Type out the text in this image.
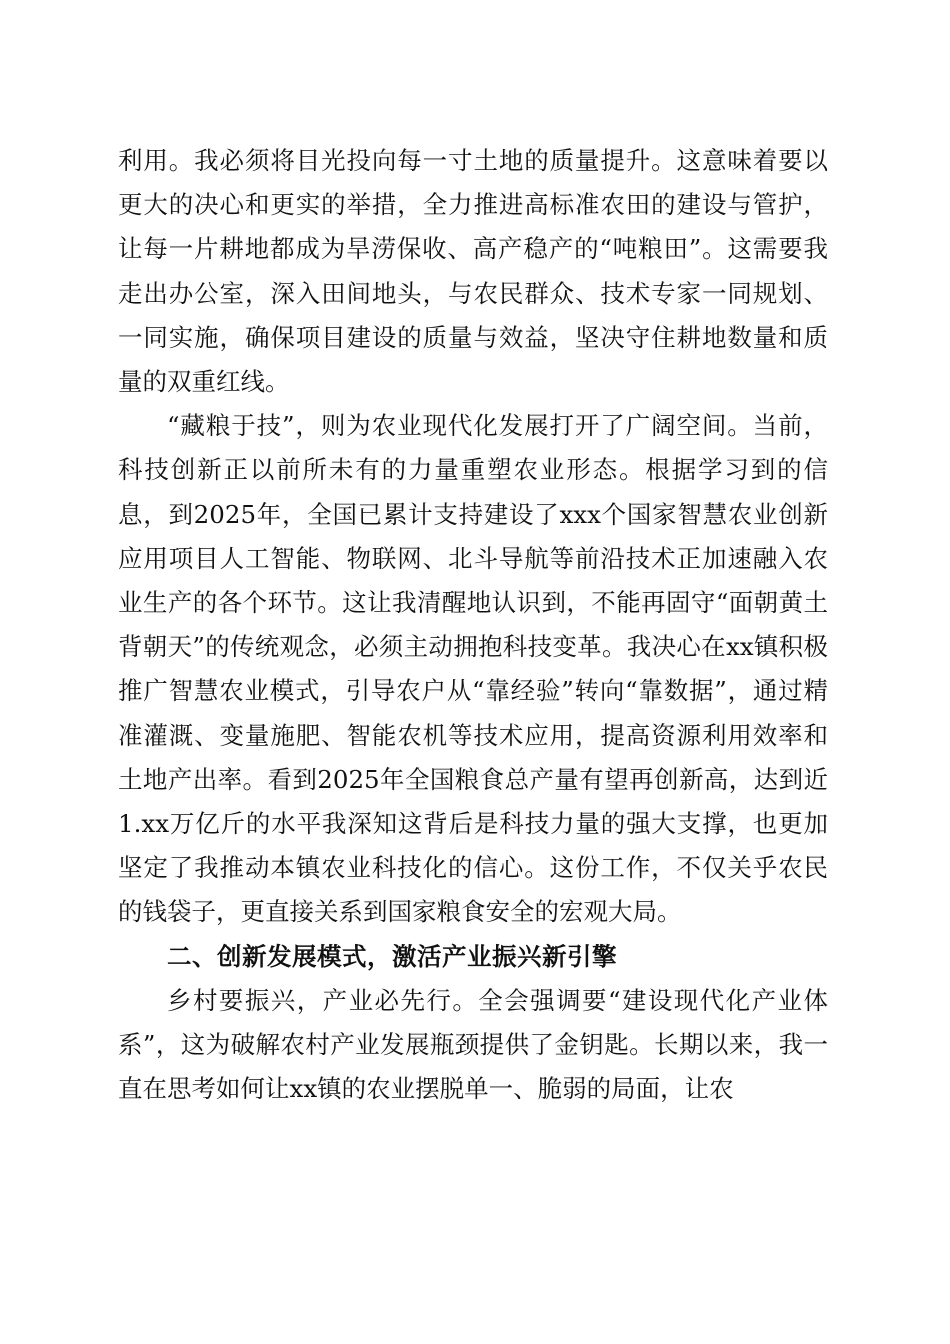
利用。我必须将目光投向每一寸土地的质量提升。这意味着要以更大的决心和更实的举措，全力推进高标准农田的建设与管护，让每一片耕地都成为旱涝保收、高产稳产的“吨粮田”。这需要我走出办公室，深入田间地头，与农民群众、技术专家一同规划、一同实施，确保项目建设的质量与效益，坚决守住耕地数量和质量的双重红线。

“藏粮于技”，则为农业现代化发展打开了广阔空间。当前，科技创新正以前所未有的力量重塑农业形态。根据学习到的信息，到2025年，全国已累计支持建设了xxx个国家智慧农业创新应用项目人工智能、物联网、北斗导航等前沿技术正加速融入农业生产的各个环节。这让我清醒地认识到，不能再固守“面朝黄土背朝天”的传统观念，必须主动拥抱科技变革。我决心在xx镇积极推广智慧农业模式，引导农户从“靠经验”转向“靠数据”，通过精准灌溉、变量施肥、智能农机等技术应用，提高资源利用效率和土地产出率。看到2025年全国粮食总产量有望再创新高，达到近1.xx万亿斤的水平我深知这背后是科技力量的强大支撑，也更加坚定了我推动本镇农业科技化的信心。这份工作，不仅关乎农民的钱袋子，更直接关系到国家粮食安全的宏观大局。

二、创新发展模式，激活产业振兴新引擎

乡村要振兴，产业必先行。全会强调要“建设现代化产业体系”，这为破解农村产业发展瓶颈提供了金钥匙。长期以来，我一直在思考如何让xx镇的农业摆脱单一、脆弱的局面，让农
